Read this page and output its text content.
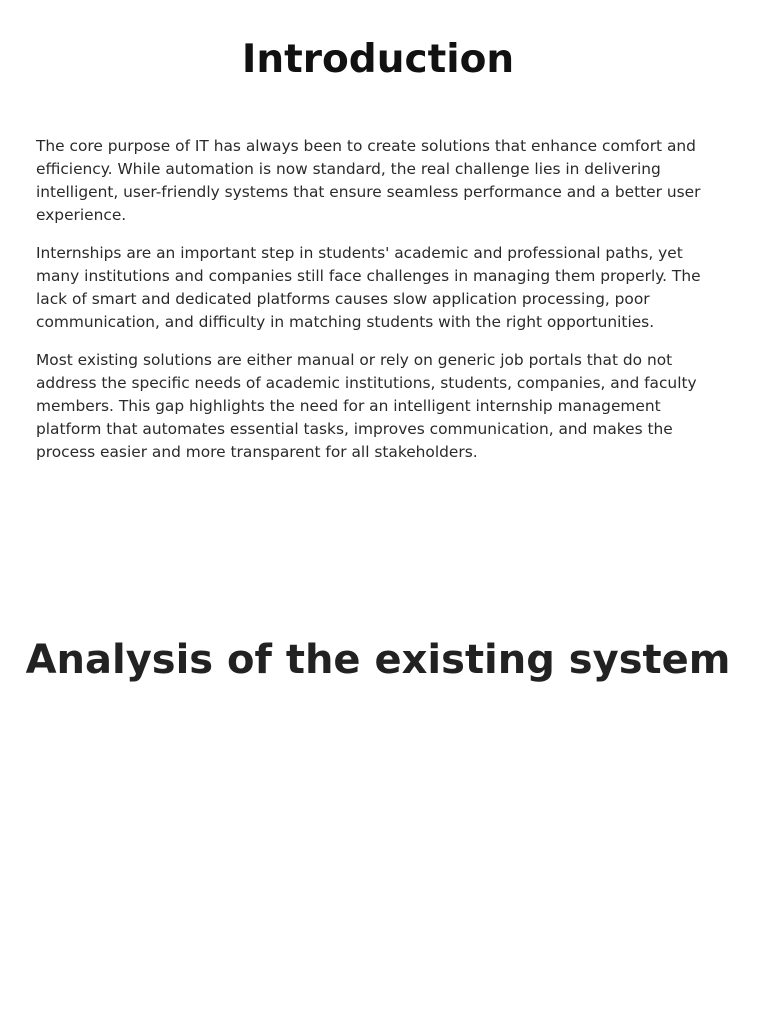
Introduction

The core purpose of IT has always been to create solutions that enhance comfort and efficiency. While automation is now standard, the real challenge lies in delivering intelligent, user-friendly systems that ensure seamless performance and a better user experience.

Internships are an important step in students' academic and professional paths, yet many institutions and companies still face challenges in managing them properly. The lack of smart and dedicated platforms causes slow application processing, poor communication, and difficulty in matching students with the right opportunities.

Most existing solutions are either manual or rely on generic job portals that do not address the specific needs of academic institutions, students, companies, and faculty members. This gap highlights the need for an intelligent internship management platform that automates essential tasks, improves communication, and makes the process easier and more transparent for all stakeholders.

Analysis of the existing system
